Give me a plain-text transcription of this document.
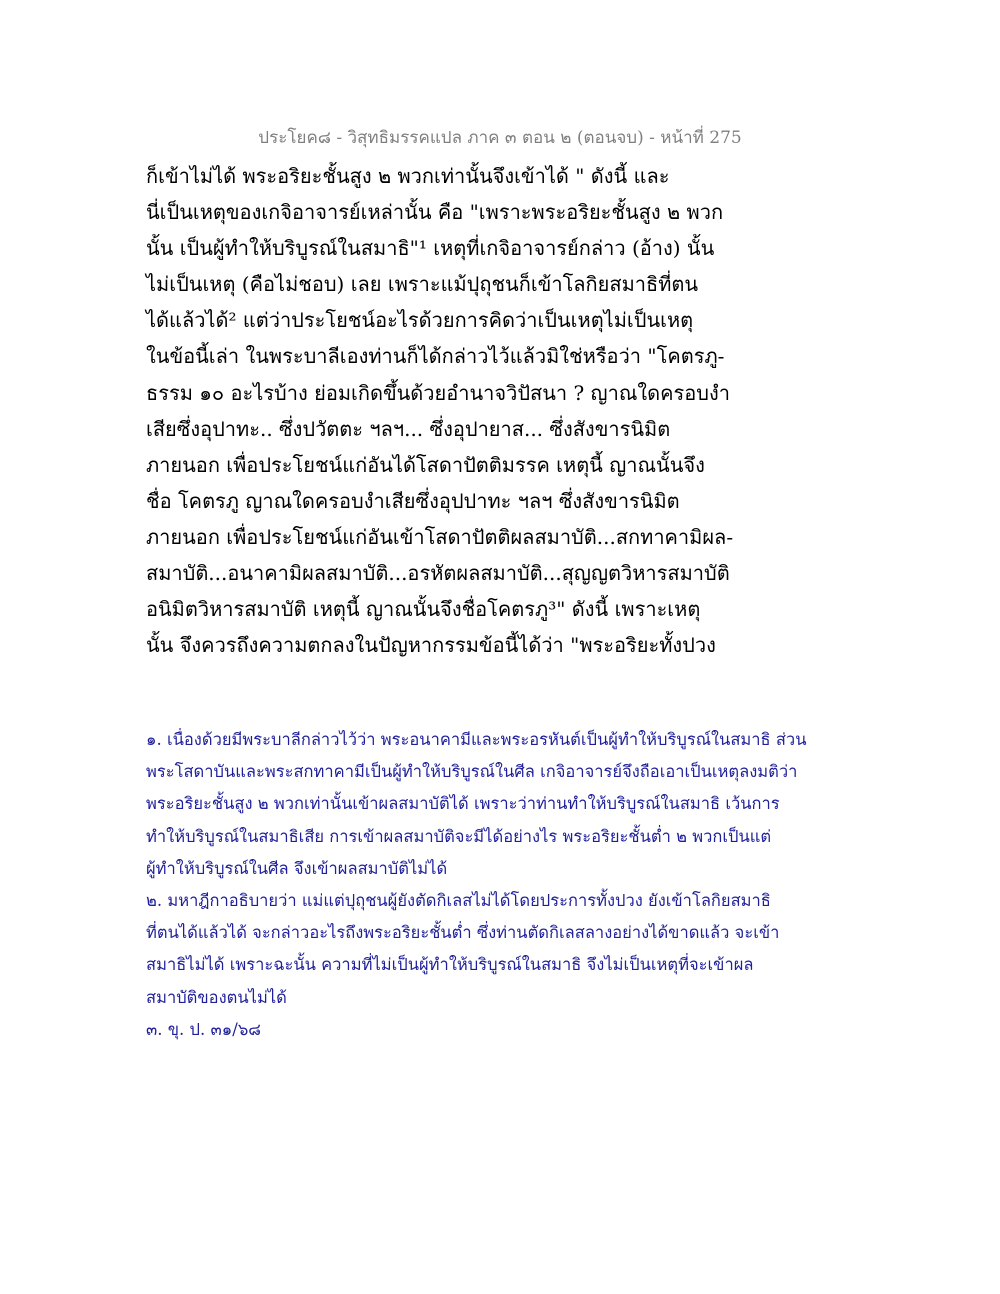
ประโยค๘ - วิสุทธิมรรคแปล ภาค ๓ ตอน ๒ (ตอนจบ) - หน้าที่ 275
ก็เข้าไม่ได้ พระอริยะชั้นสูง ๒ พวกเท่านั้นจึงเข้าได้ " ดังนี้ และ
นี่เป็นเหตุของเกจิอาจารย์เหล่านั้น คือ "เพราะพระอริยะชั้นสูง ๒ พวก
นั้น เป็นผู้ทำให้บริบูรณ์ในสมาธิ"¹ เหตุที่เกจิอาจารย์กล่าว (อ้าง) นั้น
ไม่เป็นเหตุ (คือไม่ชอบ) เลย เพราะแม้ปุถุชนก็เข้าโลกิยสมาธิที่ตน
ได้แล้วได้² แต่ว่าประโยชน์อะไรด้วยการคิดว่าเป็นเหตุไม่เป็นเหตุ
ในข้อนี้เล่า ในพระบาลีเองท่านก็ได้กล่าวไว้แล้วมิใช่หรือว่า "โคตรภู-
ธรรม ๑๐ อะไรบ้าง ย่อมเกิดขึ้นด้วยอำนาจวิปัสนา ? ญาณใดครอบงำ
เสียซึ่งอุปาทะ.. ซึ่งปวัตตะ ฯลฯ... ซึ่งอุปายาส... ซึ่งสังขารนิมิต
ภายนอก เพื่อประโยชน์แก่อันได้โสดาปัตติมรรค เหตุนี้ ญาณนั้นจึง
ชื่อ โคตรภู ญาณใดครอบงำเสียซึ่งอุปปาทะ ฯลฯ ซึ่งสังขารนิมิต
ภายนอก เพื่อประโยชน์แก่อันเข้าโสดาปัตติผลสมาบัติ...สกทาคามิผล-
สมาบัติ...อนาคามิผลสมาบัติ...อรหัตผลสมาบัติ...สุญญตวิหารสมาบัติ
อนิมิตวิหารสมาบัติ เหตุนี้ ญาณนั้นจึงชื่อโคตรภู³" ดังนี้ เพราะเหตุ
นั้น จึงควรถึงความตกลงในปัญหากรรมข้อนี้ได้ว่า "พระอริยะทั้งปวง
๑. เนื่องด้วยมีพระบาลีกล่าวไว้ว่า พระอนาคามีและพระอรหันต์เป็นผู้ทำให้บริบูรณ์ในสมาธิ ส่วน
พระโสดาบันและพระสกทาคามีเป็นผู้ทำให้บริบูรณ์ในศีล เกจิอาจารย์จึงถือเอาเป็นเหตุลงมติว่า
พระอริยะชั้นสูง ๒ พวกเท่านั้นเข้าผลสมาบัติได้ เพราะว่าท่านทำให้บริบูรณ์ในสมาธิ เว้นการ
ทำให้บริบูรณ์ในสมาธิเสีย การเข้าผลสมาบัติจะมีได้อย่างไร พระอริยะชั้นต่ำ ๒ พวกเป็นแต่
ผู้ทำให้บริบูรณ์ในศีล จึงเข้าผลสมาบัติไม่ได้
๒. มหาฎีกาอธิบายว่า แม่แต่ปุถุชนผู้ยังตัดกิเลสไม่ได้โดยประการทั้งปวง ยังเข้าโลกิยสมาธิ
ที่ตนได้แล้วได้ จะกล่าวอะไรถึงพระอริยะชั้นต่ำ ซึ่งท่านตัดกิเลสลางอย่างได้ขาดแล้ว จะเข้า
สมาธิไม่ได้ เพราะฉะนั้น ความที่ไม่เป็นผู้ทำให้บริบูรณ์ในสมาธิ จึงไม่เป็นเหตุที่จะเข้าผล
สมาบัติของตนไม่ได้
๓. ขุ. ป. ๓๑/๖๘
